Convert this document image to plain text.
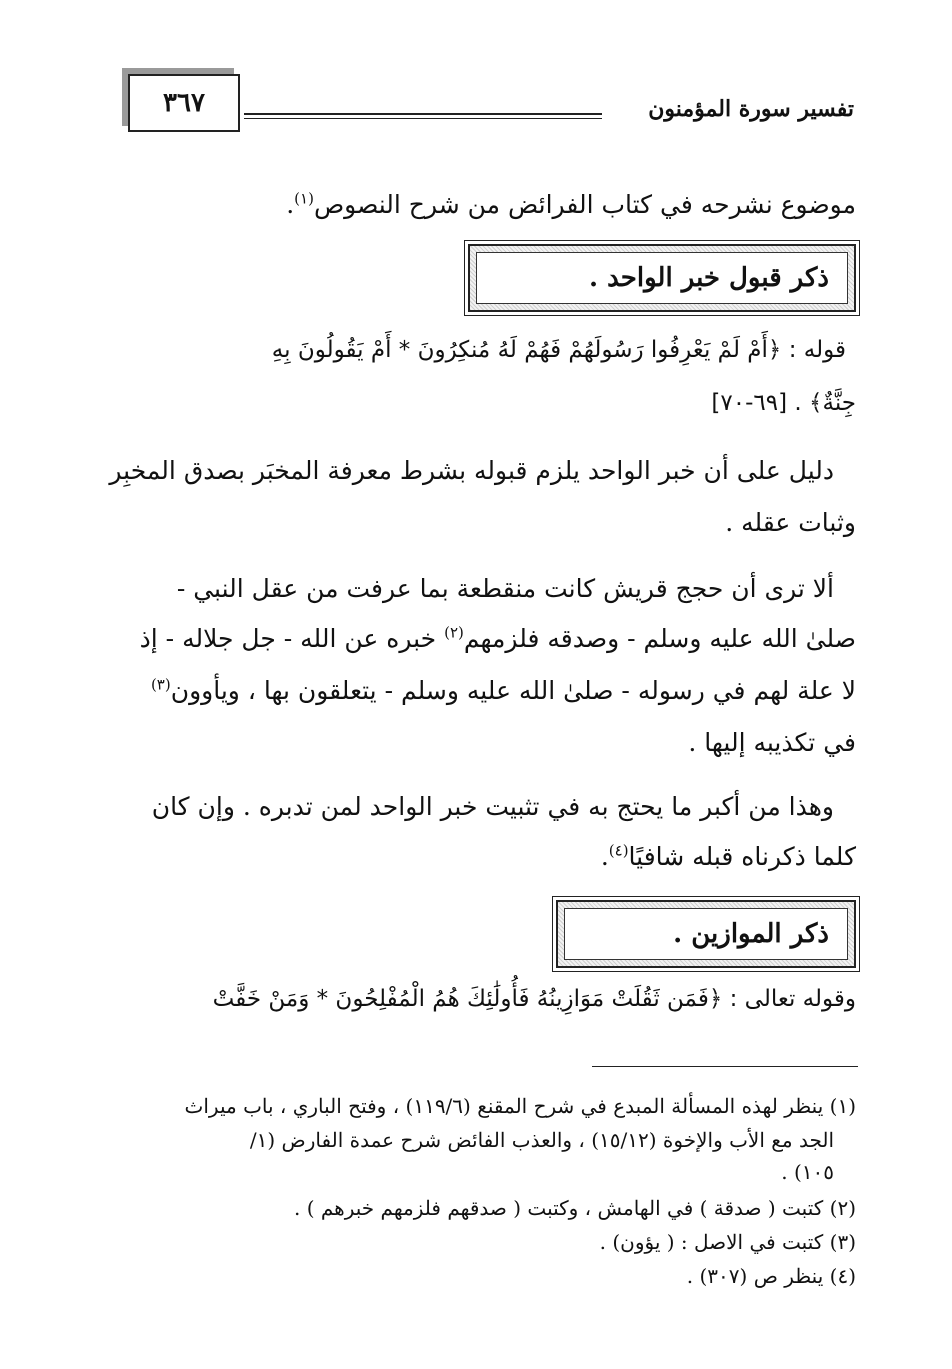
٣٦٧	تفسير سورة المؤمنون
موضوع نشرحه في كتاب الفرائض من شرح النصوص$^{(١)}$.
ذكر قبول خبر الواحد .
قوله : ﴿أَمْ لَمْ يَعْرِفُوا رَسُولَهُمْ فَهُمْ لَهُ مُنكِرُونَ * أَمْ يَقُولُونَ بِهِ
جِنَّةٌ﴾ . [٦٩-٧٠]
دليل على أن خبر الواحد يلزم قبوله بشرط معرفة المخبَر بصدق المخبِر
وثبات عقله .
ألا ترى أن حجج قريش كانت منقطعة بما عرفت من عقل النبي -
صلىٰ الله عليه وسلم - وصدقه فلزمهم$^{(٢)}$ خبره عن الله - جل جلاله - إذ
لا علة لهم في رسوله - صلىٰ الله عليه وسلم - يتعلقون بها ، ويأوون$^{(٣)}$
في تكذيبه إليها .
وهذا من أكبر ما يحتج به في تثبيت خبر الواحد لمن تدبره . وإن كان
كلما ذكرناه قبله شافيًا$^{(٤)}$.
ذكر الموازين .
وقوله تعالى : ﴿فَمَن ثَقُلَتْ مَوَازِينُهُ فَأُولَٰئِكَ هُمُ الْمُفْلِحُونَ * وَمَنْ خَفَّتْ
(١) ينظر لهذه المسألة المبدع في شرح المقنع (١١٩/٦) ، وفتح الباري ، باب ميراث
الجد مع الأب والإخوة (١٥/١٢) ، والعذب الفائض شرح عمدة الفارض (١/
١٠٥) .
(٢) كتبت ( صدقة ) في الهامش ، وكتبت ( صدقهم فلزمهم خبرهم ) .
(٣) كتبت في الاصل : ( يؤون) .
(٤) ينظر ص (٣٠٧) .
